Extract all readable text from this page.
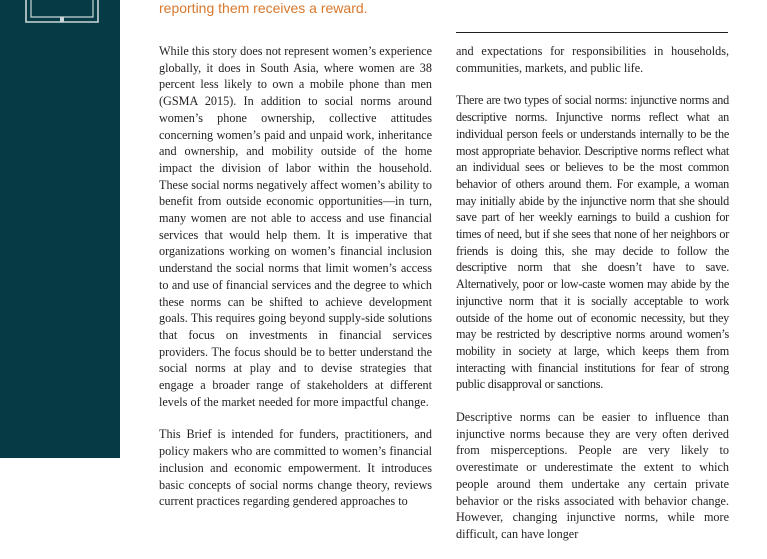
reporting them receives a reward.

While this story does not represent women’s experience globally, it does in South Asia, where women are 38 percent less likely to own a mobile phone than men (GSMA 2015). In addition to social norms around women’s phone ownership, collective attitudes concerning women’s paid and unpaid work, inheritance and ownership, and mobility outside of the home impact the division of labor within the household. These social norms negatively affect women’s ability to benefit from outside economic opportunities—in turn, many women are not able to access and use financial services that would help them. It is imperative that organizations working on women’s financial inclusion understand the social norms that limit women’s access to and use of financial services and the degree to which these norms can be shifted to achieve development goals. This requires going beyond supply-side solutions that focus on investments in financial services providers. The focus should be to better understand the social norms at play and to devise strategies that engage a broader range of stakeholders at different levels of the market needed for more impactful change.

This Brief is intended for funders, practitioners, and policy makers who are committed to women’s financial inclusion and economic empowerment. It introduces basic concepts of social norms change theory, reviews current practices regarding gendered approaches to

and expectations for responsibilities in households, communities, markets, and public life.

There are two types of social norms: injunctive norms and descriptive norms. Injunctive norms reflect what an individual person feels or understands internally to be the most appropriate behavior. Descriptive norms reflect what an individual sees or believes to be the most common behavior of others around them. For example, a woman may initially abide by the injunctive norm that she should save part of her weekly earnings to build a cushion for times of need, but if she sees that none of her neighbors or friends is doing this, she may decide to follow the descriptive norm that she doesn’t have to save. Alternatively, poor or low-caste women may abide by the injunctive norm that it is socially acceptable to work outside of the home out of economic necessity, but they may be restricted by descriptive norms around women’s mobility in society at large, which keeps them from interacting with financial institutions for fear of strong public disapproval or sanctions.

Descriptive norms can be easier to influence than injunctive norms because they are very often derived from misperceptions. People are very likely to overestimate or underestimate the extent to which people around them undertake any certain private behavior or the risks associated with behavior change. However, changing injunctive norms, while more difficult, can have longer
